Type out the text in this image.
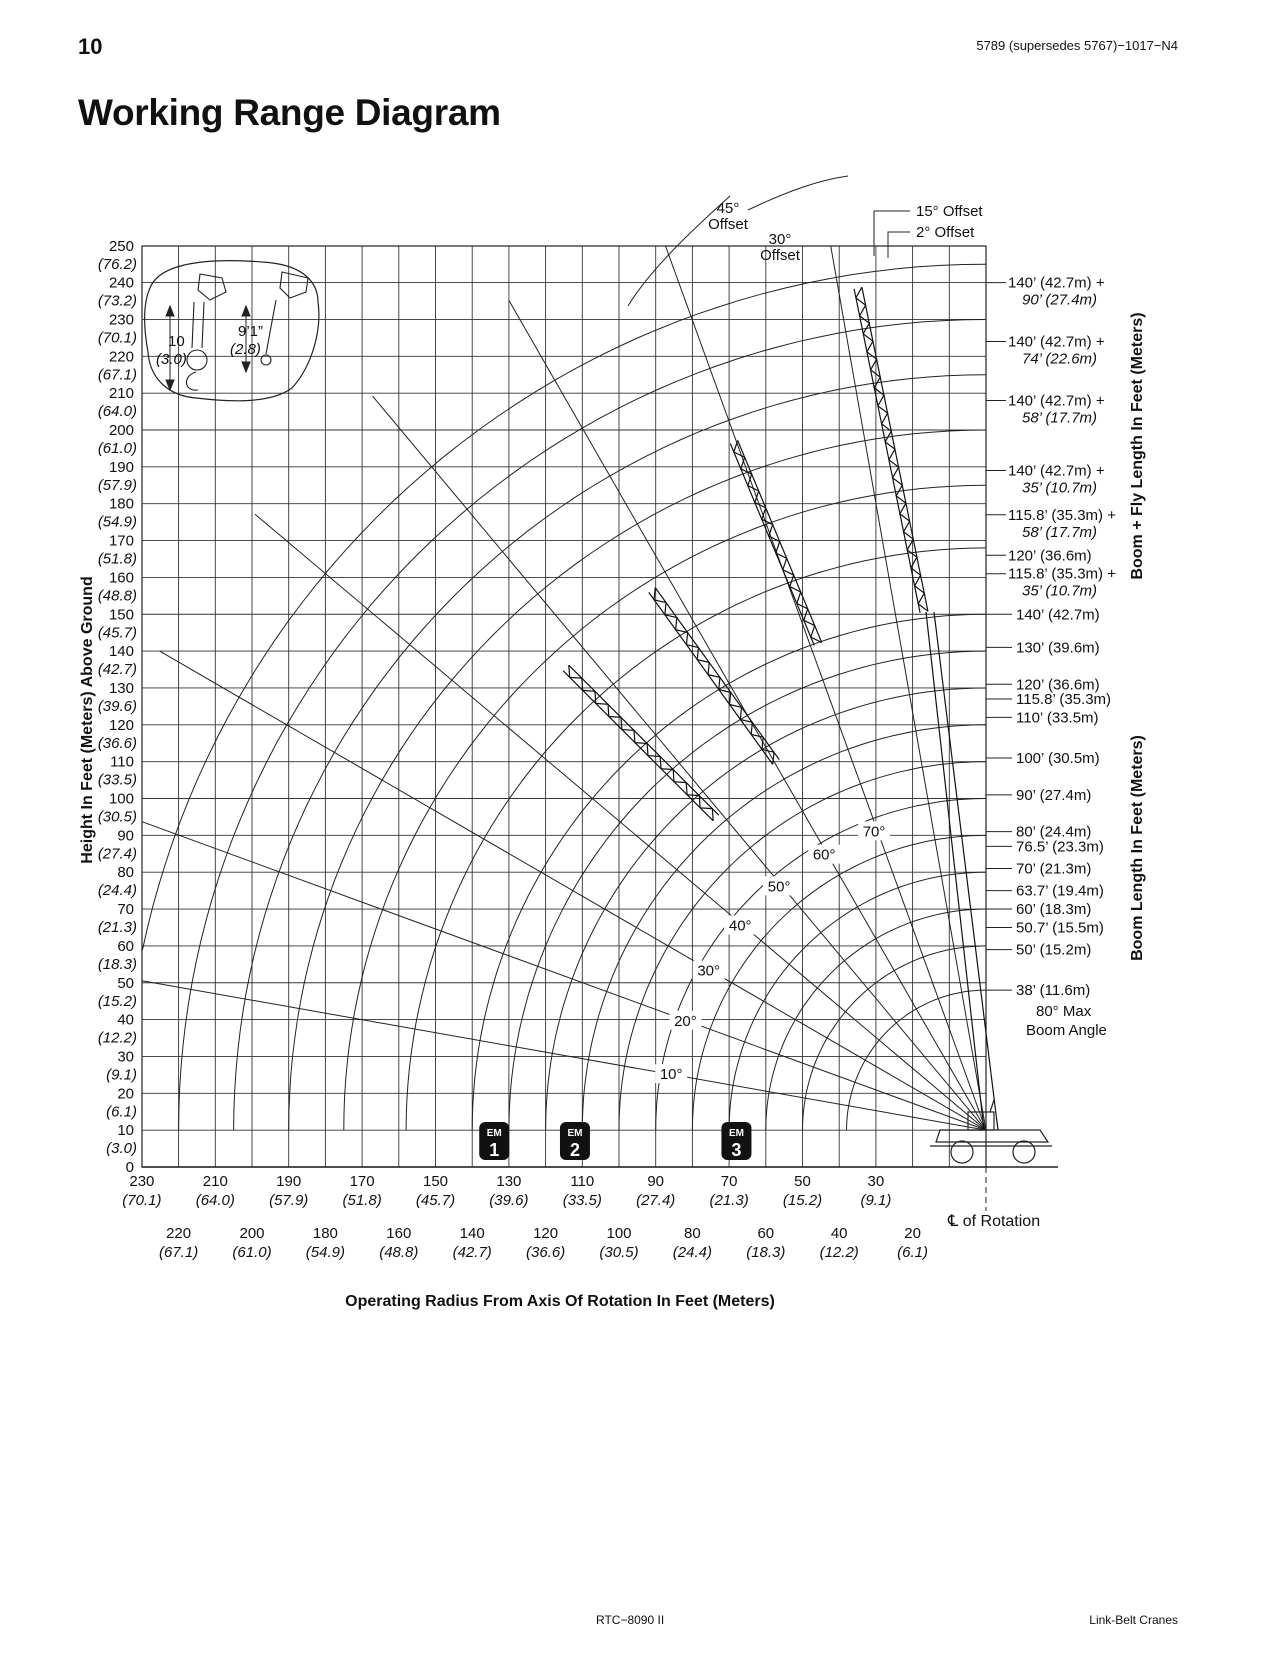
10	5789 (supersedes 5767)−1017−N4
Working Range Diagram
250
(76.2)
240
(73.2)
230
(70.1)
220
(67.1)
210
(64.0)
200
(61.0)
190
(57.9)
180
(54.9)
170
(51.8)
160
(48.8)
150
(45.7)
140
(42.7)
130
(39.6)
120
(36.6)
110
(33.5)
100
(30.5)
90
(27.4)
80
(24.4)
70
(21.3)
60
(18.3)
50
(15.2)
40
(12.2)
30
(9.1)
20
(6.1)
10
(3.0)
0
230
(70.1)
210
(64.0)
190
(57.9)
170
(51.8)
150
(45.7)
130
(39.6)
110
(33.5)
90
(27.4)
70
(21.3)
50
(15.2)
30
(9.1)
220
(67.1)
200
(61.0)
180
(54.9)
160
(48.8)
140
(42.7)
120
(36.6)
100
(30.5)
80
(24.4)
60
(18.3)
40
(12.2)
20
(6.1)
Operating Radius From Axis Of Rotation In Feet (Meters)
Height In Feet (Meters) Above Ground
Boom + Fly Length In Feet (Meters)
Boom Length In Feet (Meters)
℄ of Rotation
10°
20°
30°
40°
50°
60°
70°
140’ (42.7m) +
90’ (27.4m)
140’ (42.7m) +
74’ (22.6m)
140’ (42.7m) +
58’ (17.7m)
140’ (42.7m) +
35’ (10.7m)
115.8’ (35.3m) +
58’ (17.7m)
120’ (36.6m)
115.8’ (35.3m) +
35’ (10.7m)
140’ (42.7m)
130’ (39.6m)
120’ (36.6m)
115.8’ (35.3m)
110’ (33.5m)
100’ (30.5m)
90’ (27.4m)
80’ (24.4m)
76.5’ (23.3m)
70’ (21.3m)
63.7’ (19.4m)
60’ (18.3m)
50.7’ (15.5m)
50’ (15.2m)
38’ (11.6m)
80° Max
Boom Angle
45°
Offset
30°
Offset
15° Offset
2° Offset
EM
1
EM
2
EM
3
10
(3.0)
9’1”
(2.8)
RTC−8090 II	Link-Belt Cranes
